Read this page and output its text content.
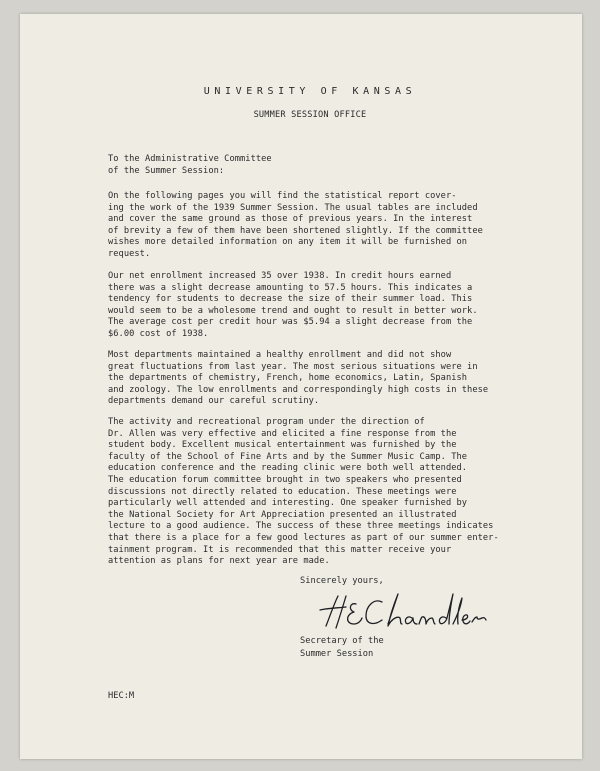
UNIVERSITY OF KANSAS
SUMMER SESSION OFFICE
To the Administrative Committee
of the Summer Session:
On the following pages you will find the statistical report cover-
ing the work of the 1939 Summer Session. The usual tables are included
and cover the same ground as those of previous years. In the interest
of brevity a few of them have been shortened slightly. If the committee
wishes more detailed information on any item it will be furnished on
request.
Our net enrollment increased 35 over 1938. In credit hours earned
there was a slight decrease amounting to 57.5 hours. This indicates a
tendency for students to decrease the size of their summer load. This
would seem to be a wholesome trend and ought to result in better work.
The average cost per credit hour was $5.94 a slight decrease from the
$6.00 cost of 1938.
Most departments maintained a healthy enrollment and did not show
great fluctuations from last year. The most serious situations were in
the departments of chemistry, French, home economics, Latin, Spanish
and zoology. The low enrollments and correspondingly high costs in these
departments demand our careful scrutiny.
The activity and recreational program under the direction of
Dr. Allen was very effective and elicited a fine response from the
student body. Excellent musical entertainment was furnished by the
faculty of the School of Fine Arts and by the Summer Music Camp. The
education conference and the reading clinic were both well attended.
The education forum committee brought in two speakers who presented
discussions not directly related to education. These meetings were
particularly well attended and interesting. One speaker furnished by
the National Society for Art Appreciation presented an illustrated
lecture to a good audience. The success of these three meetings indicates
that there is a place for a few good lectures as part of our summer enter-
tainment program. It is recommended that this matter receive your
attention as plans for next year are made.
Sincerely yours,
Secretary of the
Summer Session
HEC:M
